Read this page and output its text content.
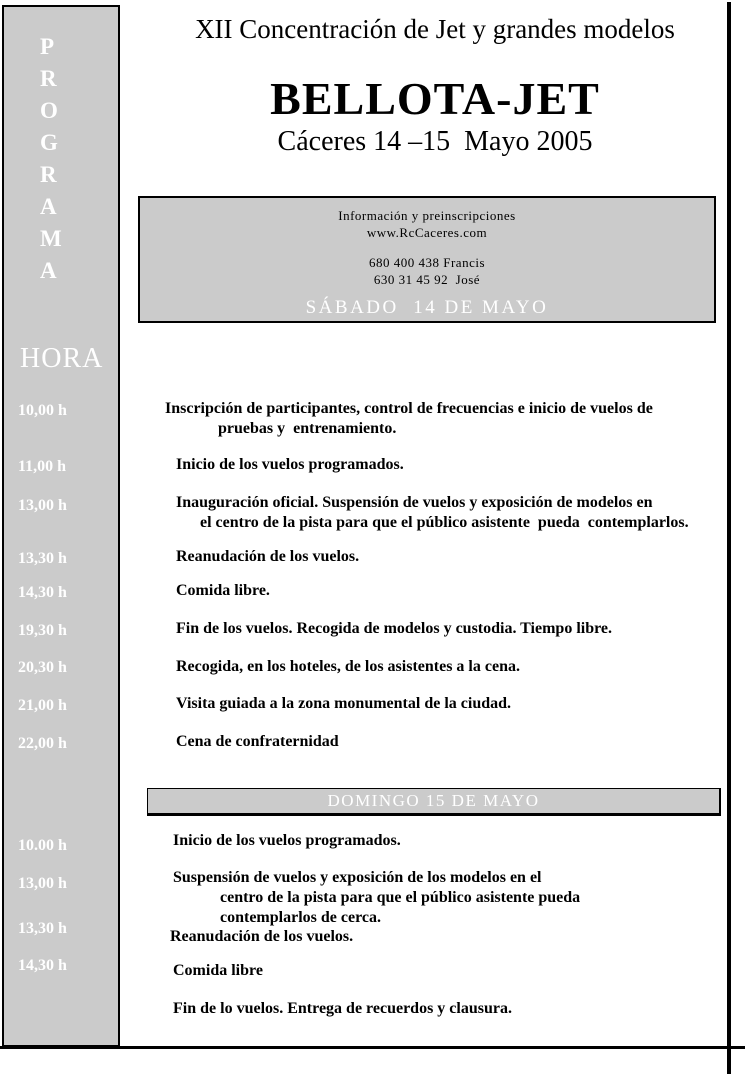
P
R
O
G
R
A
M
A
HORA
10,00 h
11,00 h
13,00 h
13,30 h
14,30 h
19,30 h
20,30 h
21,00 h
22,00 h
10.00 h
13,00 h
13,30 h
14,30 h
XII Concentración de Jet y grandes modelos
BELLOTA-JET
Cáceres 14 –15  Mayo 2005
Información y preinscripciones
www.RcCaceres.com
680 400 438 Francis
630 31 45 92  José
SÁBADO  14 DE MAYO
Inscripción de participantes, control de frecuencias e inicio de vuelos de
pruebas y  entrenamiento.
Inicio de los vuelos programados.
Inauguración oficial. Suspensión de vuelos y exposición de modelos en
el centro de la pista para que el público asistente  pueda  contemplarlos.
Reanudación de los vuelos.
Comida libre.
Fin de los vuelos. Recogida de modelos y custodia. Tiempo libre.
Recogida, en los hoteles, de los asistentes a la cena.
Visita guiada a la zona monumental de la ciudad.
Cena de confraternidad
DOMINGO 15 DE MAYO
Inicio de los vuelos programados.
Suspensión de vuelos y exposición de los modelos en el
centro de la pista para que el público asistente pueda
contemplarlos de cerca.
Reanudación de los vuelos.
Comida libre
Fin de lo vuelos. Entrega de recuerdos y clausura.
